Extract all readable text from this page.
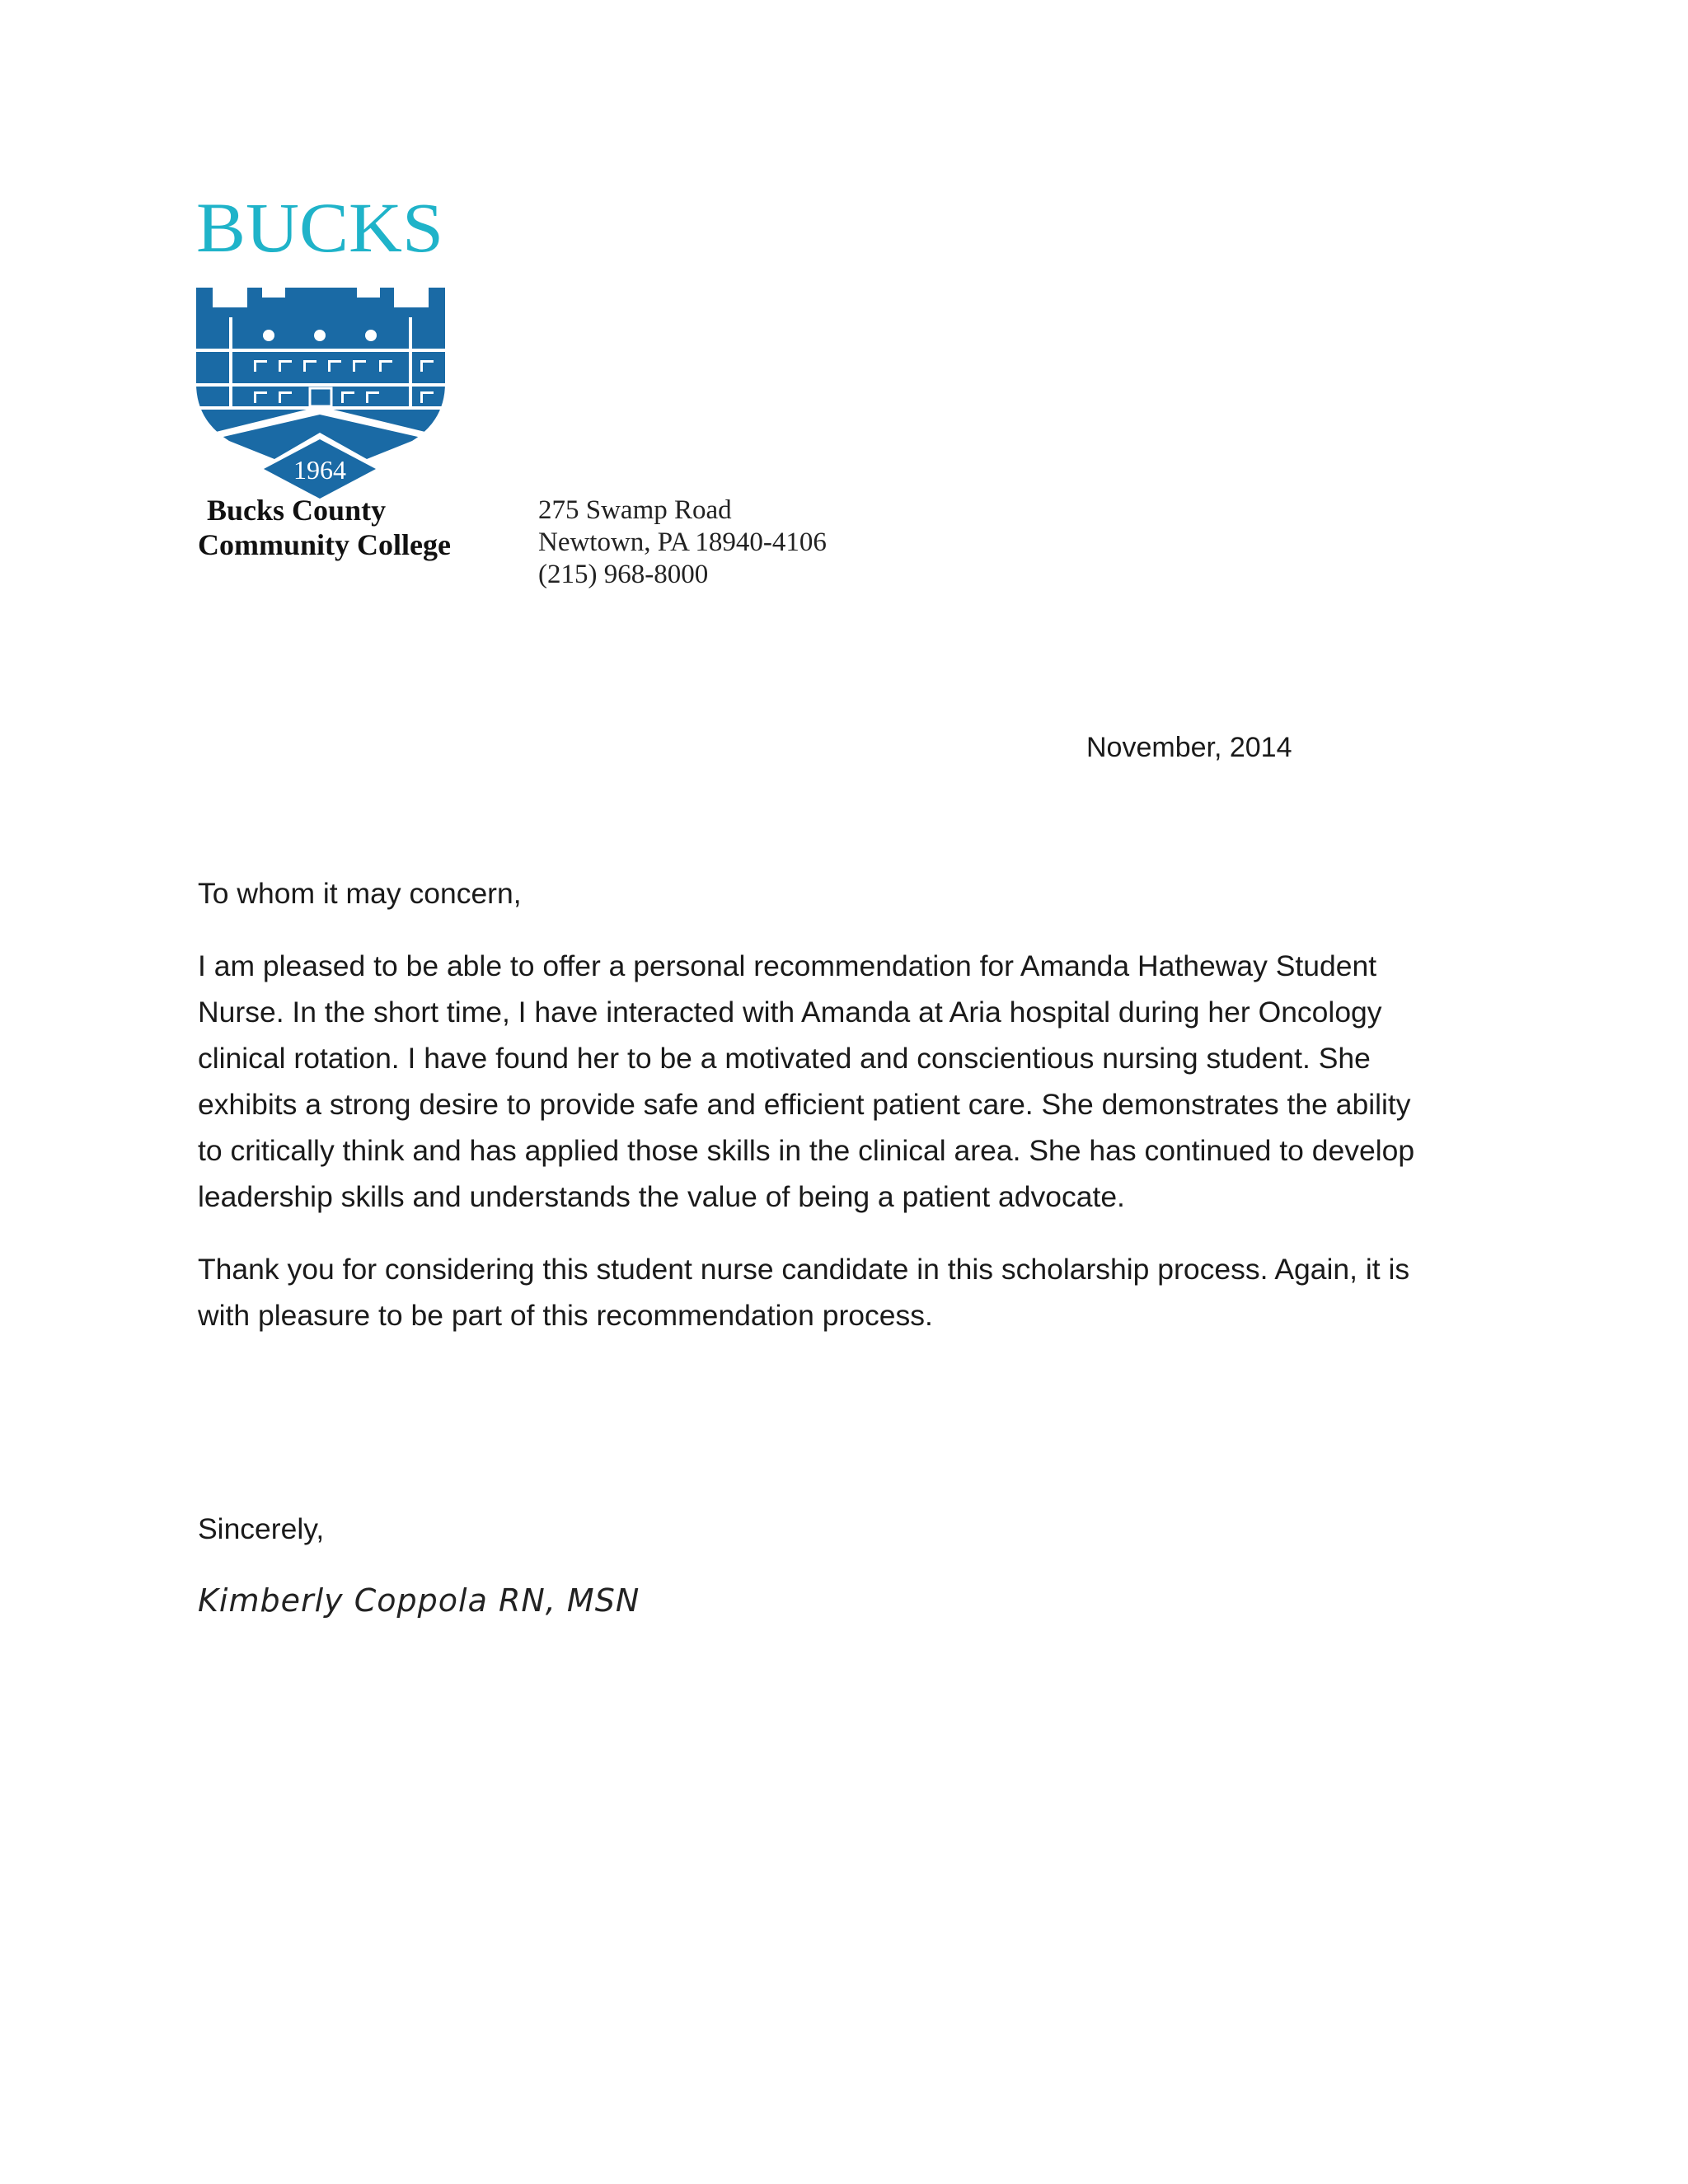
BUCKS
1964
Bucks County
Community College
275 Swamp Road
Newtown, PA 18940-4106
(215) 968-8000
November, 2014

To whom it may concern,

I am pleased to be able to offer a personal recommendation for Amanda Hatheway Student
Nurse. In the short time, I have interacted with Amanda at Aria hospital during her Oncology
clinical rotation. I have found her to be a motivated and conscientious nursing student. She
exhibits a strong desire to provide safe and efficient patient care. She demonstrates the ability
to critically think and has applied those skills in the clinical area. She has continued to develop
leadership skills and understands the value of being a patient advocate.

Thank you for considering this student nurse candidate in this scholarship process. Again, it is
with pleasure to be part of this recommendation process.

Sincerely,
Kimberly Coppola RN, MSN
